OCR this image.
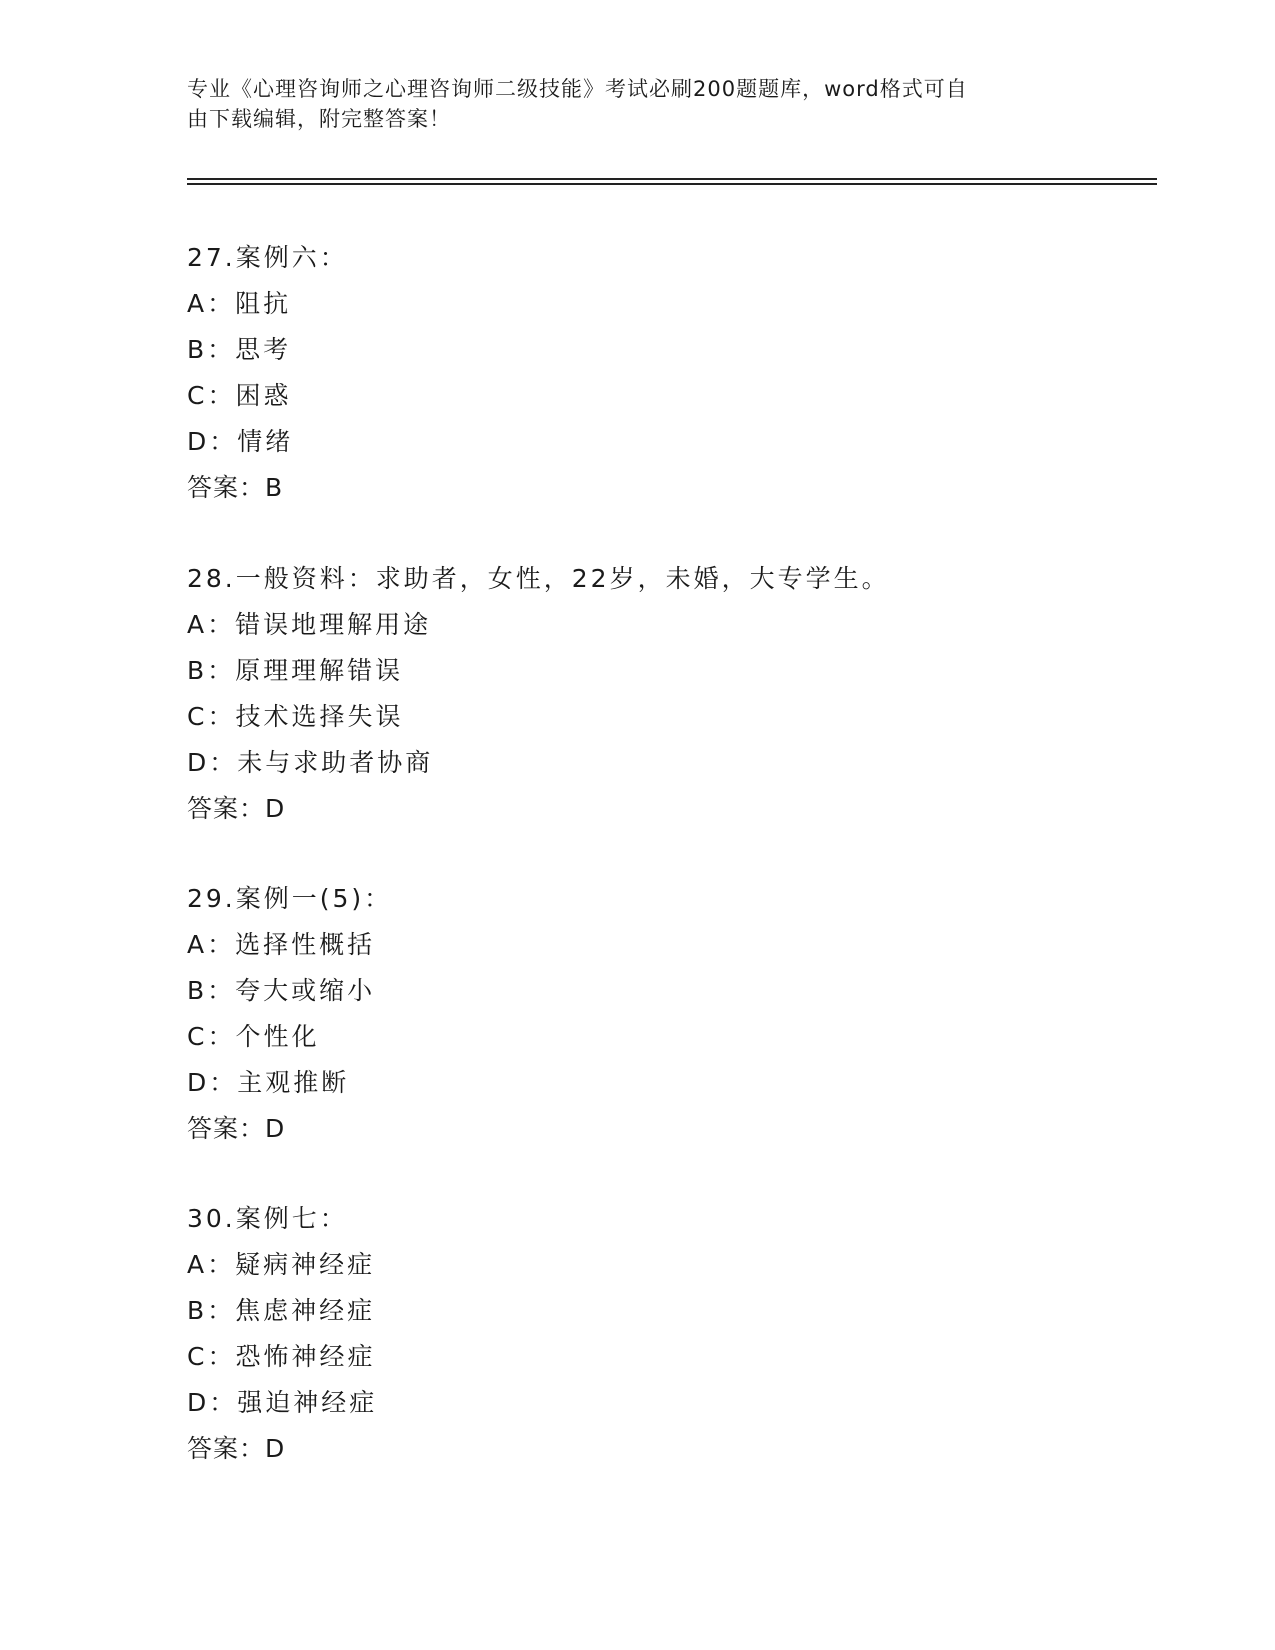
专业《心理咨询师之心理咨询师二级技能》考试必刷200题题库，word格式可自
由下载编辑，附完整答案！
27.案例六：
A：阻抗
B：思考
C：困惑
D：情绪
答案：B
28.一般资料：求助者，女性，22岁，未婚，大专学生。
A：错误地理解用途
B：原理理解错误
C：技术选择失误
D：未与求助者协商
答案：D
29.案例一(5)：
A：选择性概括
B：夸大或缩小
C：个性化
D：主观推断
答案：D
30.案例七：
A：疑病神经症
B：焦虑神经症
C：恐怖神经症
D：强迫神经症
答案：D
